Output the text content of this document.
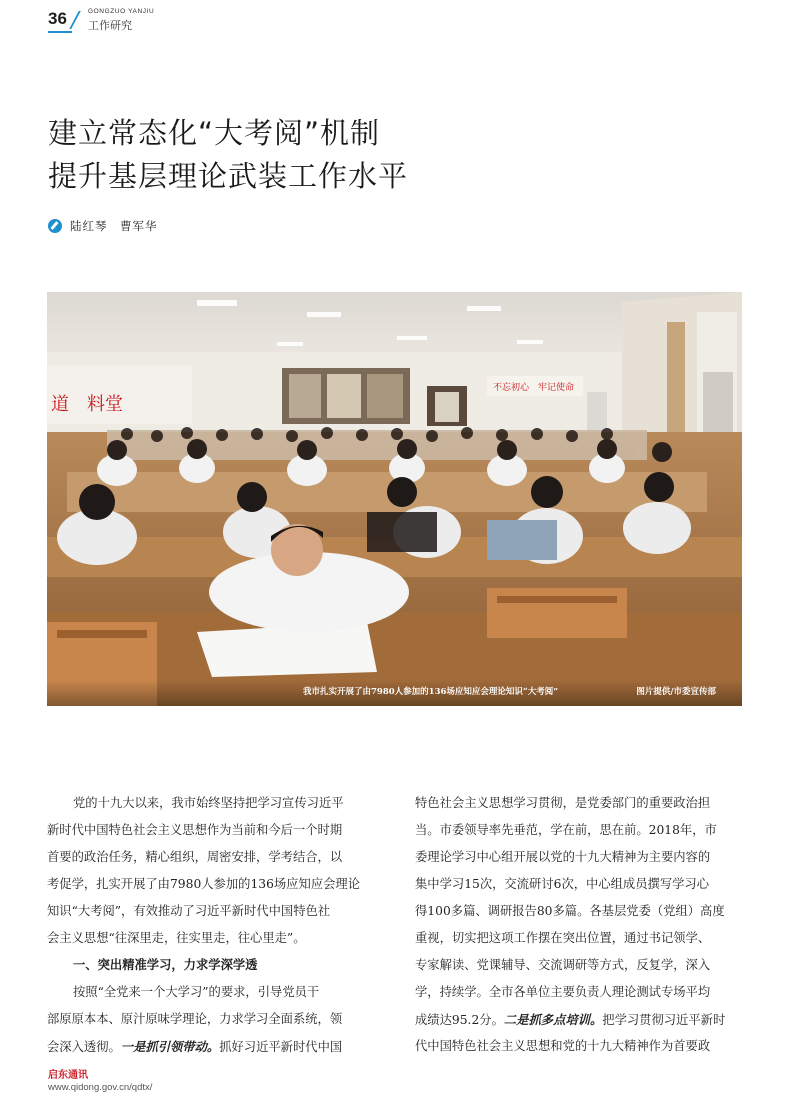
36	GONGZUO YANJIU
工作研究
建立常态化“大考阅”机制
提升基层理论武装工作水平
陆红琴　曹军华
不忘初心　牢记使命
道　料堂
我市扎实开展了由7980人参加的136场应知应会理论知识“大考阅”	图片提供/市委宣传部
党的十九大以来，我市始终坚持把学习宣传习近平
新时代中国特色社会主义思想作为当前和今后一个时期
首要的政治任务，精心组织，周密安排，学考结合，以
考促学，扎实开展了由7980人参加的136场应知应会理论
知识“大考阅”，有效推动了习近平新时代中国特色社
会主义思想“往深里走，往实里走，往心里走”。
一、突出精准学习，力求学深学透
按照“全党来一个大学习”的要求，引导党员干
部原原本本、原汁原味学理论，力求学习全面系统，领
会深入透彻。一是抓引领带动。抓好习近平新时代中国
特色社会主义思想学习贯彻，是党委部门的重要政治担
当。市委领导率先垂范，学在前，思在前。2018年，市
委理论学习中心组开展以党的十九大精神为主要内容的
集中学习15次，交流研讨6次，中心组成员撰写学习心
得100多篇、调研报告80多篇。各基层党委（党组）高度
重视，切实把这项工作摆在突出位置，通过书记领学、
专家解读、党课辅导、交流调研等方式，反复学，深入
学，持续学。全市各单位主要负责人理论测试专场平均
成绩达95.2分。二是抓多点培训。把学习贯彻习近平新时
代中国特色社会主义思想和党的十九大精神作为首要政
启东通讯
www.qidong.gov.cn/qdtx/
